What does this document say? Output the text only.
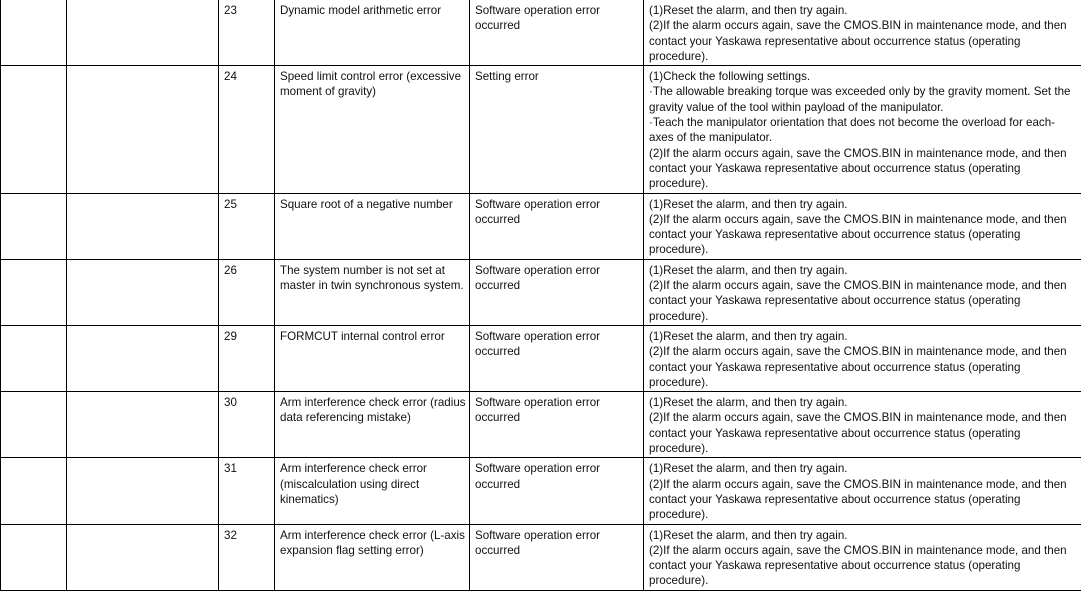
		23	Dynamic model arithmetic error	Software operation error occurred	(1)Reset the alarm, and then try again.
(2)If the alarm occurs again, save the CMOS.BIN in maintenance mode, and then contact your Yaskawa representative about occurrence status (operating procedure).

		24	Speed limit control error (excessive moment of gravity)	Setting error	(1)Check the following settings.
·The allowable breaking torque was exceeded only by the gravity moment. Set the gravity value of the tool within payload of the manipulator.
·Teach the manipulator orientation that does not become the overload for each-axes of the manipulator.
(2)If the alarm occurs again, save the CMOS.BIN in maintenance mode, and then contact your Yaskawa representative about occurrence status (operating procedure).

		25	Square root of a negative number	Software operation error occurred	(1)Reset the alarm, and then try again.
(2)If the alarm occurs again, save the CMOS.BIN in maintenance mode, and then contact your Yaskawa representative about occurrence status (operating procedure).

		26	The system number is not set at master in twin synchronous system.	Software operation error occurred	(1)Reset the alarm, and then try again.
(2)If the alarm occurs again, save the CMOS.BIN in maintenance mode, and then contact your Yaskawa representative about occurrence status (operating procedure).

		29	FORMCUT internal control error	Software operation error occurred	(1)Reset the alarm, and then try again.
(2)If the alarm occurs again, save the CMOS.BIN in maintenance mode, and then contact your Yaskawa representative about occurrence status (operating procedure).

		30	Arm interference check error (radius data referencing mistake)	Software operation error occurred	(1)Reset the alarm, and then try again.
(2)If the alarm occurs again, save the CMOS.BIN in maintenance mode, and then contact your Yaskawa representative about occurrence status (operating procedure).

		31	Arm interference check error (miscalculation using direct kinematics)	Software operation error occurred	(1)Reset the alarm, and then try again.
(2)If the alarm occurs again, save the CMOS.BIN in maintenance mode, and then contact your Yaskawa representative about occurrence status (operating procedure).

		32	Arm interference check error (L-axis expansion flag setting error)	Software operation error occurred	(1)Reset the alarm, and then try again.
(2)If the alarm occurs again, save the CMOS.BIN in maintenance mode, and then contact your Yaskawa representative about occurrence status (operating procedure).
